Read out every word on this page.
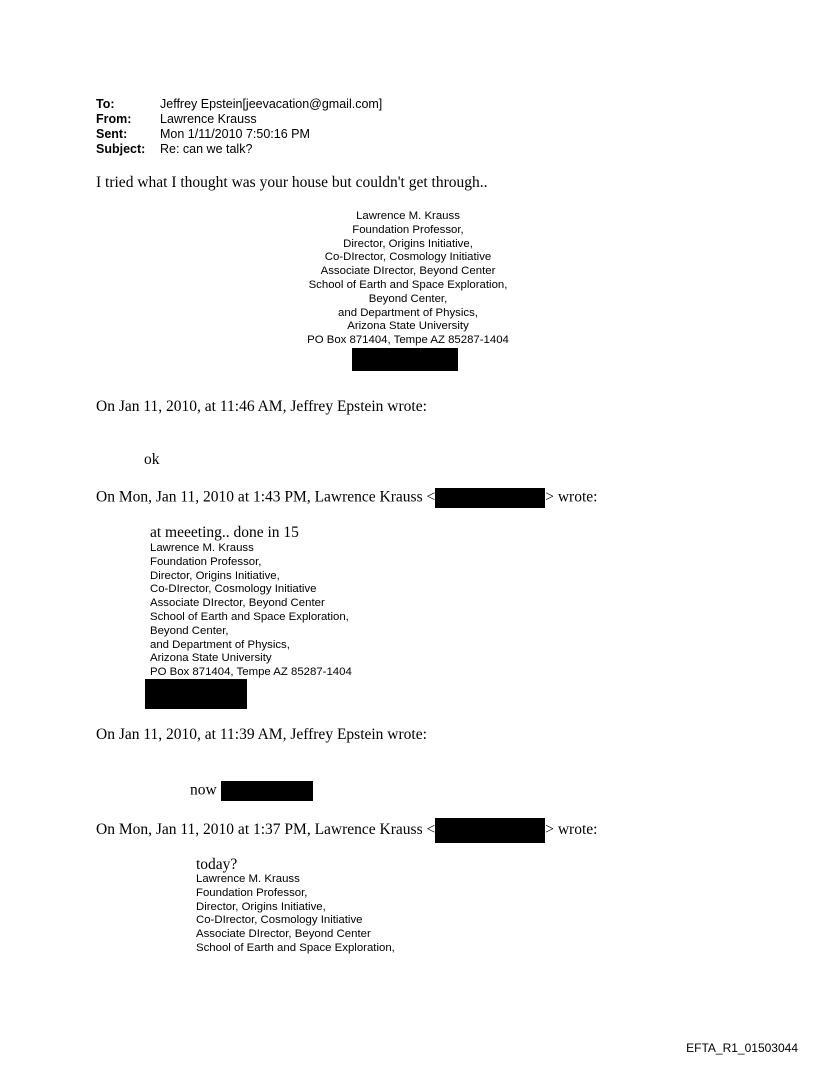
To:	Jeffrey Epstein[jeevacation@gmail.com]
From:	Lawrence Krauss
Sent:	Mon 1/11/2010 7:50:16 PM
Subject:	Re: can we talk?
I tried what I thought was your house but couldn't get through..
Lawrence M. Krauss
Foundation Professor,
Director, Origins Initiative,
Co-DIrector, Cosmology Initiative
Associate DIrector, Beyond Center
School of Earth and Space Exploration,
Beyond Center,
and Department of Physics,
Arizona State University
PO Box 871404, Tempe AZ 85287-1404
On Jan 11, 2010, at 11:46 AM, Jeffrey Epstein wrote:
ok
On Mon, Jan 11, 2010 at 1:43 PM, Lawrence Krauss <	> wrote:
at meeeting.. done in 15
Lawrence M. Krauss
Foundation Professor,
Director, Origins Initiative,
Co-DIrector, Cosmology Initiative
Associate DIrector, Beyond Center
School of Earth and Space Exploration,
Beyond Center,
and Department of Physics,
Arizona State University
PO Box 871404, Tempe AZ 85287-1404
On Jan 11, 2010, at 11:39 AM, Jeffrey Epstein wrote:
now
On Mon, Jan 11, 2010 at 1:37 PM, Lawrence Krauss <	> wrote:
today?
Lawrence M. Krauss
Foundation Professor,
Director, Origins Initiative,
Co-DIrector, Cosmology Initiative
Associate DIrector, Beyond Center
School of Earth and Space Exploration,
EFTA_R1_01503044
